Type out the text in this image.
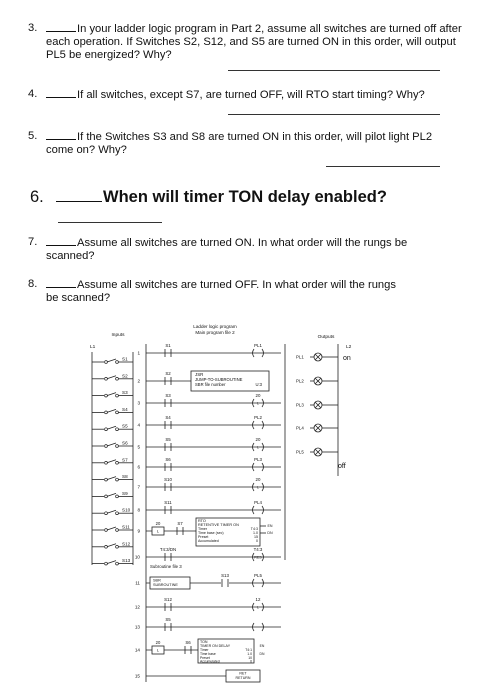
3.	In your ladder logic program in Part 2, assume all switches are turned off after each operation. If Switches S2, S12, and S5 are turned ON in this order, will output PL5 be energized? Why?
4.	If all switches, except S7, are turned OFF, will RTO start timing? Why?
5.	If the Switches S3 and S8 are turned ON in this order, will pilot light PL2 come on? Why?
6.	When will timer TON delay enabled?
7.	Assume all switches are turned ON. In what order will the rungs be scanned?
8.	Assume all switches are turned OFF. In what order will the rungs be scanned?
Inputs
Ladder logic program
Main program file 2
Outputs
L1	L2
S1
S2
S3
S4
S5
S6
S7
S8
S9
S10
S11
S12
S13
1
2
3
4
5
6
7
8
9
10
11
12
13
14
15
S1	PL1
S2	JSR
JUMP-TO-SUBROUTINE
SBR file number	U:3
S3
L
20
S4	PL2
S5
L
20
S6	PL3
S10
L
20
S11	PL4
L
20	S7	RTO
RETENTIVE TIMER ON
Timer	T4:3
Time base (sec)	1.0
Preset	15
Accumulated	0
EN
DN
T4:3/DN
RES
T4:3
Subroutine file 3
SBR
SUBROUTINE
S13	PL5
S12
L
12
S5
L
20	S6	TON
TIMER ON DELAY
Timer	T4:1
Time base	1.0
Preset	10
Accumulated	0
EN
DN
RET
RETURN
PL1
PL2
PL3
PL4
PL5
on
off
